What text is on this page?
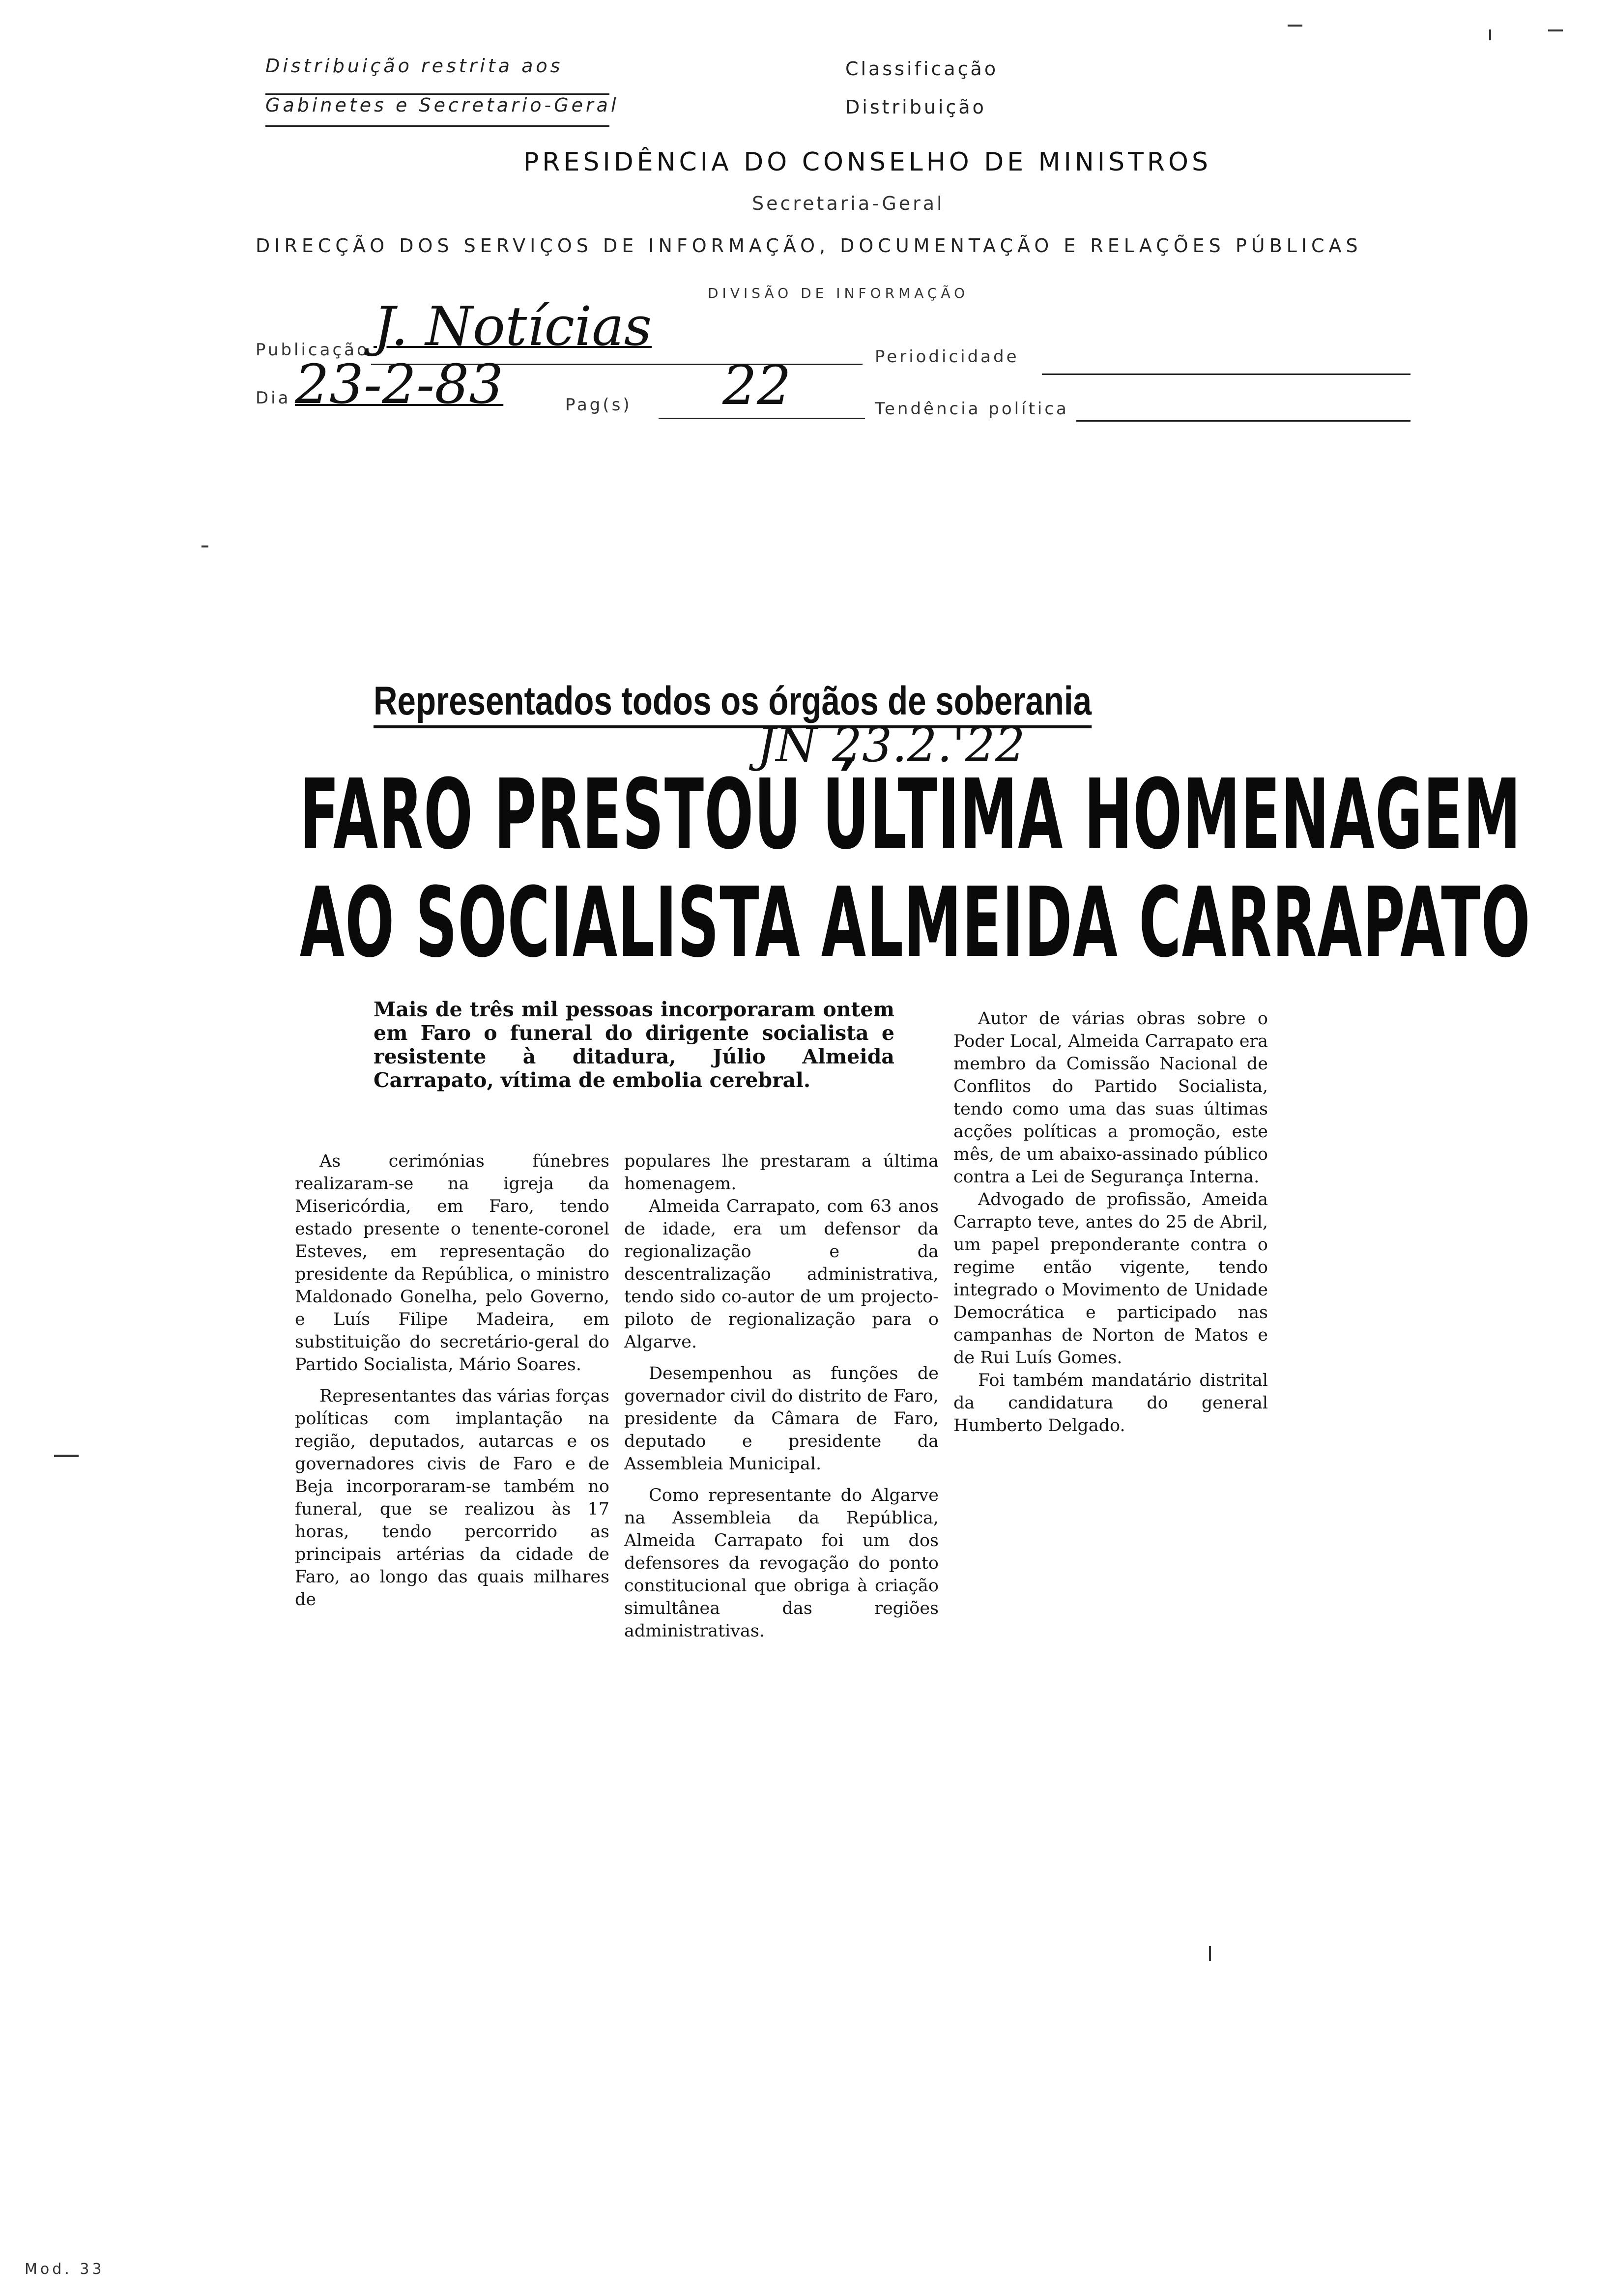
Distribuição restrita aos
Gabinetes e Secretario-Geral
Classificação
Distribuição
PRESIDÊNCIA DO CONSELHO DE MINISTROS
Secretaria-Geral
DIRECÇÃO DOS SERVIÇOS DE INFORMAÇÃO, DOCUMENTAÇÃO E RELAÇÕES PÚBLICAS
DIVISÃO DE INFORMAÇÃO
Publicação J. Notícias	Periodicidade
Dia 23-2-83	Pag(s) 22	Tendência política
Representados todos os órgãos de soberania
JN 23.2.'22
FARO PRESTOU ÚLTIMA HOMENAGEM
AO SOCIALISTA ALMEIDA CARRAPATO
Mais de três mil pessoas incorporaram ontem em Faro o funeral do dirigente socialista e resistente à ditadura, Júlio Almeida Carrapato, vítima de embolia cerebral.

As cerimónias fúnebres realizaram-se na igreja da Misericórdia, em Faro, tendo estado presente o tenente-coronel Esteves, em representação do presidente da República, o ministro Maldonado Gonelha, pelo Governo, e Luís Filipe Madeira, em substituição do secretário-geral do Partido Socialista, Mário Soares.

Representantes das várias forças políticas com implantação na região, deputados, autarcas e os governadores civis de Faro e de Beja incorporaram-se também no funeral, que se realizou às 17 horas, tendo percorrido as principais artérias da cidade de Faro, ao longo das quais milhares de

populares lhe prestaram a última homenagem.

Almeida Carrapato, com 63 anos de idade, era um defensor da regionalização e da descentralização administrativa, tendo sido co-autor de um projecto-piloto de regionalização para o Algarve.

Desempenhou as funções de governador civil do distrito de Faro, presidente da Câmara de Faro, deputado e presidente da Assembleia Municipal.

Como representante do Algarve na Assembleia da República, Almeida Carrapato foi um dos defensores da revogação do ponto constitucional que obriga à criação simultânea das regiões administrativas.

Autor de várias obras sobre o Poder Local, Almeida Carrapato era membro da Comissão Nacional de Conflitos do Partido Socialista, tendo como uma das suas últimas acções políticas a promoção, este mês, de um abaixo-assinado público contra a Lei de Segurança Interna.

Advogado de profissão, Ameida Carrapto teve, antes do 25 de Abril, um papel preponderante contra o regime então vigente, tendo integrado o Movimento de Unidade Democrática e participado nas campanhas de Norton de Matos e de Rui Luís Gomes.

Foi também mandatário distrital da candidatura do general Humberto Delgado.

Mod. 33
